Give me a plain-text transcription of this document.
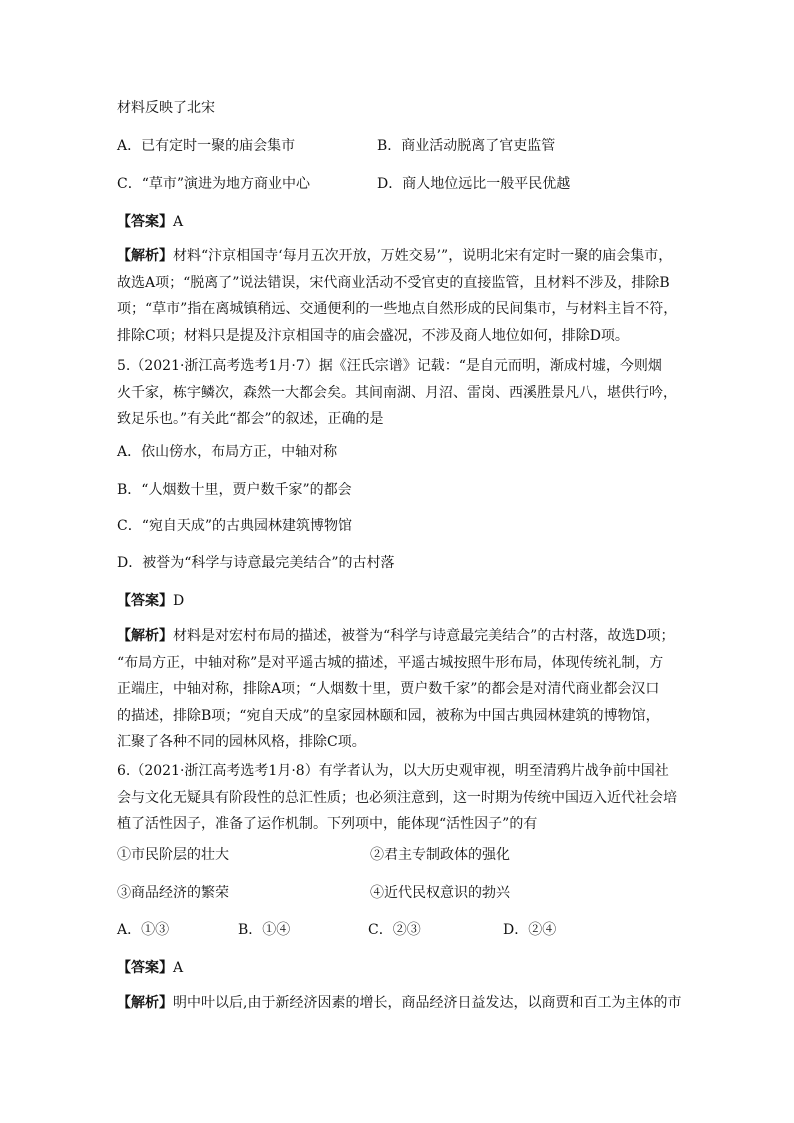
材料反映了北宋
A．已有定时一聚的庙会集市	B．商业活动脱离了官吏监管
C．“草市”演进为地方商业中心	D．商人地位远比一般平民优越
【答案】A
【解析】材料“汴京相国寺‘每月五次开放，万姓交易’”，说明北宋有定时一聚的庙会集市，
故选A项；“脱离了”说法错误，宋代商业活动不受官吏的直接监管，且材料不涉及，排除B
项；“草市”指在离城镇稍远、交通便利的一些地点自然形成的民间集市，与材料主旨不符，
排除C项；材料只是提及汴京相国寺的庙会盛况，不涉及商人地位如何，排除D项。
5.（2021·浙江高考选考1月·7）据《汪氏宗谱》记载：“是自元而明，渐成村墟，今则烟
火千家，栋宇鳞次，森然一大都会矣。其间南湖、月沼、雷岗、西溪胜景凡八，堪供行吟，
致足乐也。”有关此“都会”的叙述，正确的是
A．依山傍水，布局方正，中轴对称
B．“人烟数十里，贾户数千家”的都会
C．“宛自天成”的古典园林建筑博物馆
D．被誉为“科学与诗意最完美结合”的古村落
【答案】D
【解析】材料是对宏村布局的描述，被誉为“科学与诗意最完美结合”的古村落，故选D项；
“布局方正，中轴对称”是对平遥古城的描述，平遥古城按照牛形布局，体现传统礼制，方
正端庄，中轴对称，排除A项；“人烟数十里，贾户数千家”的都会是对清代商业都会汉口
的描述，排除B项；“宛自天成”的皇家园林颐和园，被称为中国古典园林建筑的博物馆，
汇聚了各种不同的园林风格，排除C项。
6.（2021·浙江高考选考1月·8）有学者认为，以大历史观审视，明至清鸦片战争前中国社
会与文化无疑具有阶段性的总汇性质；也必须注意到，这一时期为传统中国迈入近代社会培
植了活性因子，准备了运作机制。下列项中，能体现“活性因子”的有
①市民阶层的壮大	②君主专制政体的强化
③商品经济的繁荣	④近代民权意识的勃兴
A．①③	B．①④	C．②③	D．②④
【答案】A
【解析】明中叶以后,由于新经济因素的增长，商品经济日益发达，以商贾和百工为主体的市
